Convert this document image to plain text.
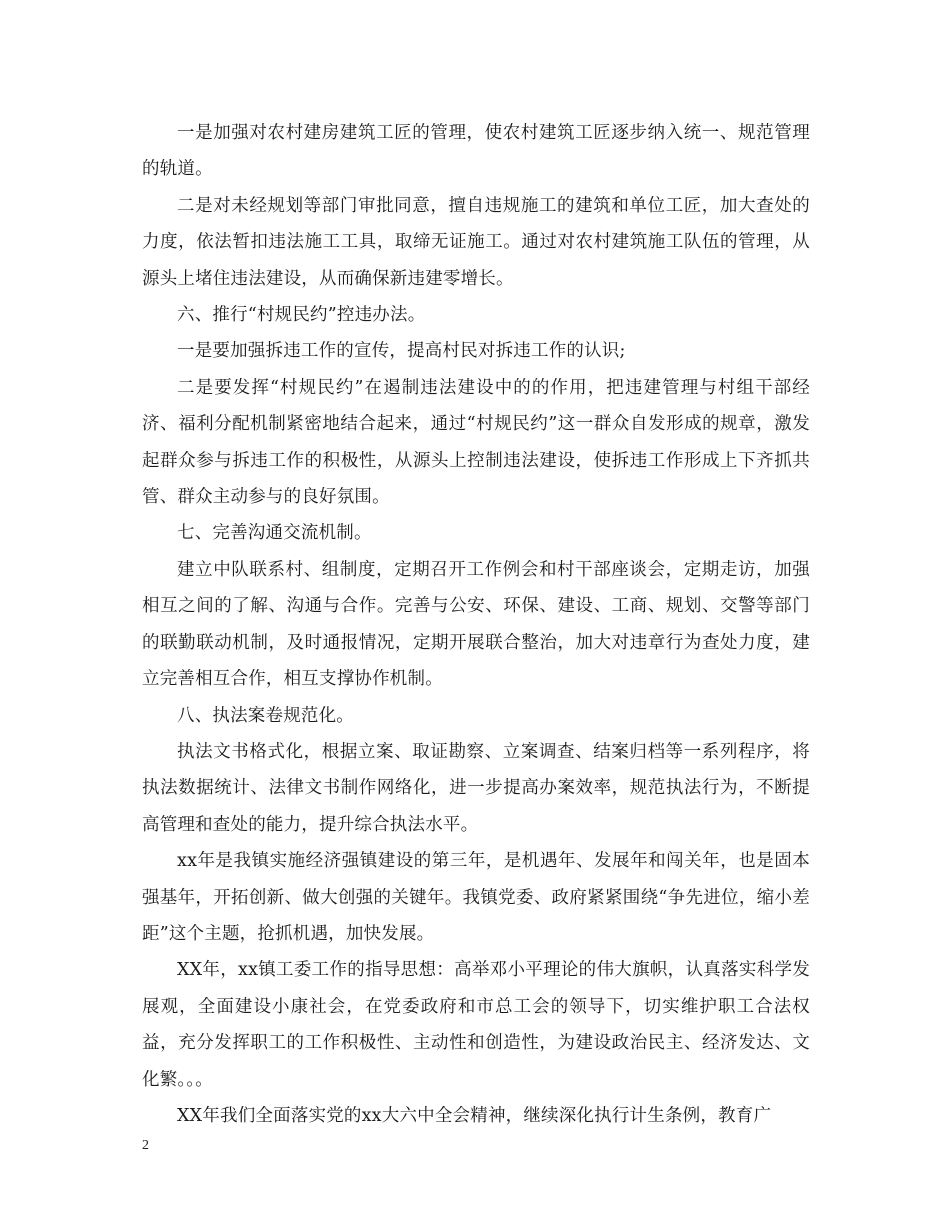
一是加强对农村建房建筑工匠的管理，使农村建筑工匠逐步纳入统一、规范管理的轨道。

二是对未经规划等部门审批同意，擅自违规施工的建筑和单位工匠，加大查处的力度，依法暂扣违法施工工具，取缔无证施工。通过对农村建筑施工队伍的管理，从源头上堵住违法建设，从而确保新违建零增长。

六、推行“村规民约”控违办法。

一是要加强拆违工作的宣传，提高村民对拆违工作的认识;

二是要发挥“村规民约”在遏制违法建设中的的作用，把违建管理与村组干部经济、福利分配机制紧密地结合起来，通过“村规民约”这一群众自发形成的规章，激发起群众参与拆违工作的积极性，从源头上控制违法建设，使拆违工作形成上下齐抓共管、群众主动参与的良好氛围。

七、完善沟通交流机制。

建立中队联系村、组制度，定期召开工作例会和村干部座谈会，定期走访，加强相互之间的了解、沟通与合作。完善与公安、环保、建设、工商、规划、交警等部门的联勤联动机制，及时通报情况，定期开展联合整治，加大对违章行为查处力度，建立完善相互合作，相互支撑协作机制。

八、执法案卷规范化。

执法文书格式化，根据立案、取证勘察、立案调查、结案归档等一系列程序，将执法数据统计、法律文书制作网络化，进一步提高办案效率，规范执法行为，不断提高管理和查处的能力，提升综合执法水平。

xx年是我镇实施经济强镇建设的第三年，是机遇年、发展年和闯关年，也是固本强基年，开拓创新、做大创强的关键年。我镇党委、政府紧紧围绕“争先进位，缩小差距”这个主题，抢抓机遇，加快发展。

XX年，xx镇工委工作的指导思想：高举邓小平理论的伟大旗帜，认真落实科学发展观，全面建设小康社会，在党委政府和市总工会的领导下，切实维护职工合法权益，充分发挥职工的工作积极性、主动性和创造性，为建设政治民主、经济发达、文化繁。。。

XX年我们全面落实党的xx大六中全会精神，继续深化执行计生条例，教育广

2
